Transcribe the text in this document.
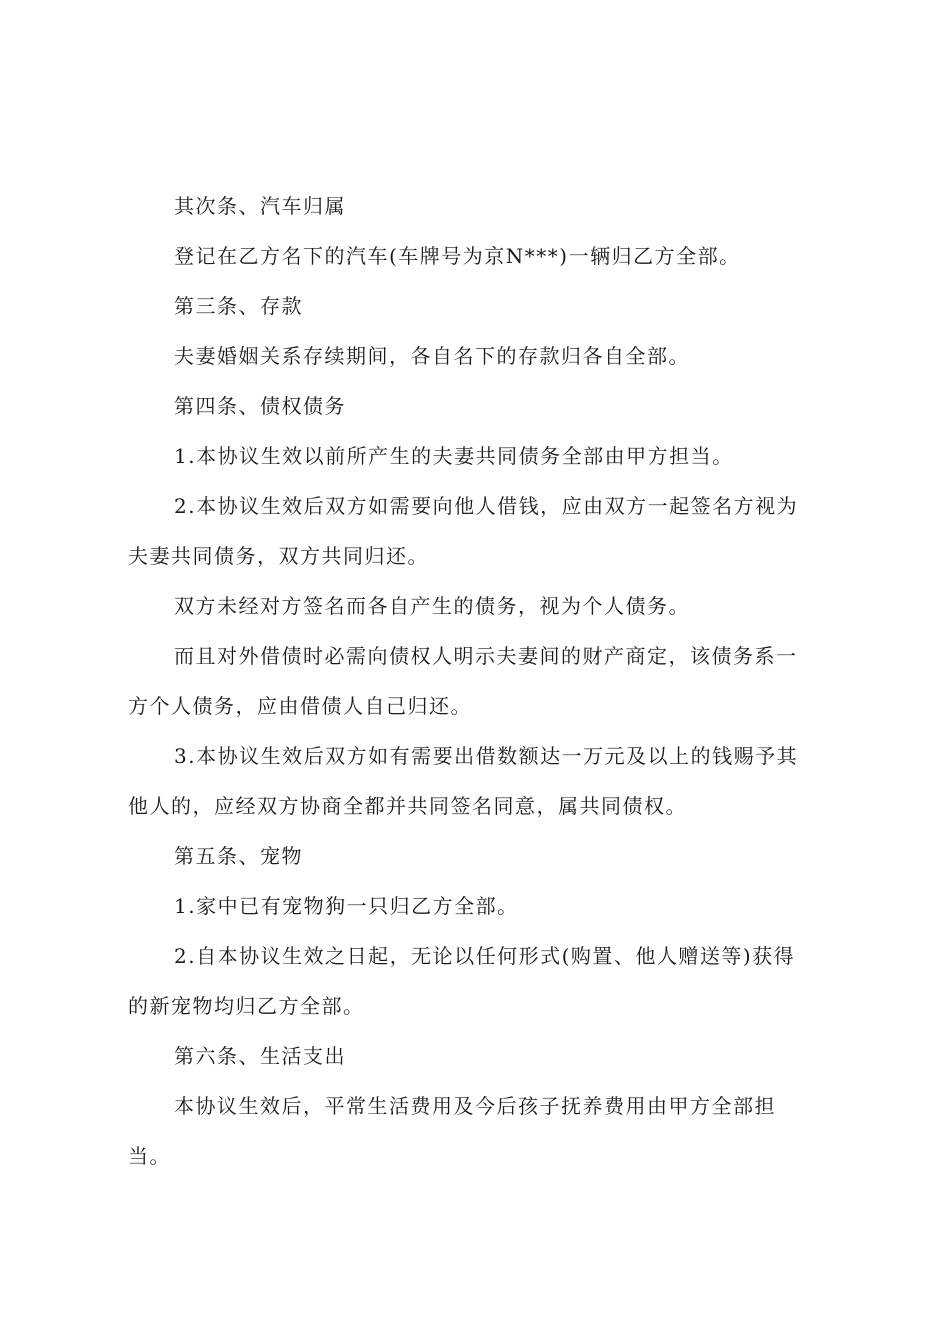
其次条、汽车归属
登记在乙方名下的汽车(车牌号为京N***)一辆归乙方全部。
第三条、存款
夫妻婚姻关系存续期间，各自名下的存款归各自全部。
第四条、债权债务
1.本协议生效以前所产生的夫妻共同债务全部由甲方担当。
2.本协议生效后双方如需要向他人借钱，应由双方一起签名方视为
夫妻共同债务，双方共同归还。
双方未经对方签名而各自产生的债务，视为个人债务。
而且对外借债时必需向债权人明示夫妻间的财产商定，该债务系一
方个人债务，应由借债人自己归还。
3.本协议生效后双方如有需要出借数额达一万元及以上的钱赐予其
他人的，应经双方协商全都并共同签名同意，属共同债权。
第五条、宠物
1.家中已有宠物狗一只归乙方全部。
2.自本协议生效之日起，无论以任何形式(购置、他人赠送等)获得
的新宠物均归乙方全部。
第六条、生活支出
本协议生效后，平常生活费用及今后孩子抚养费用由甲方全部担
当。
